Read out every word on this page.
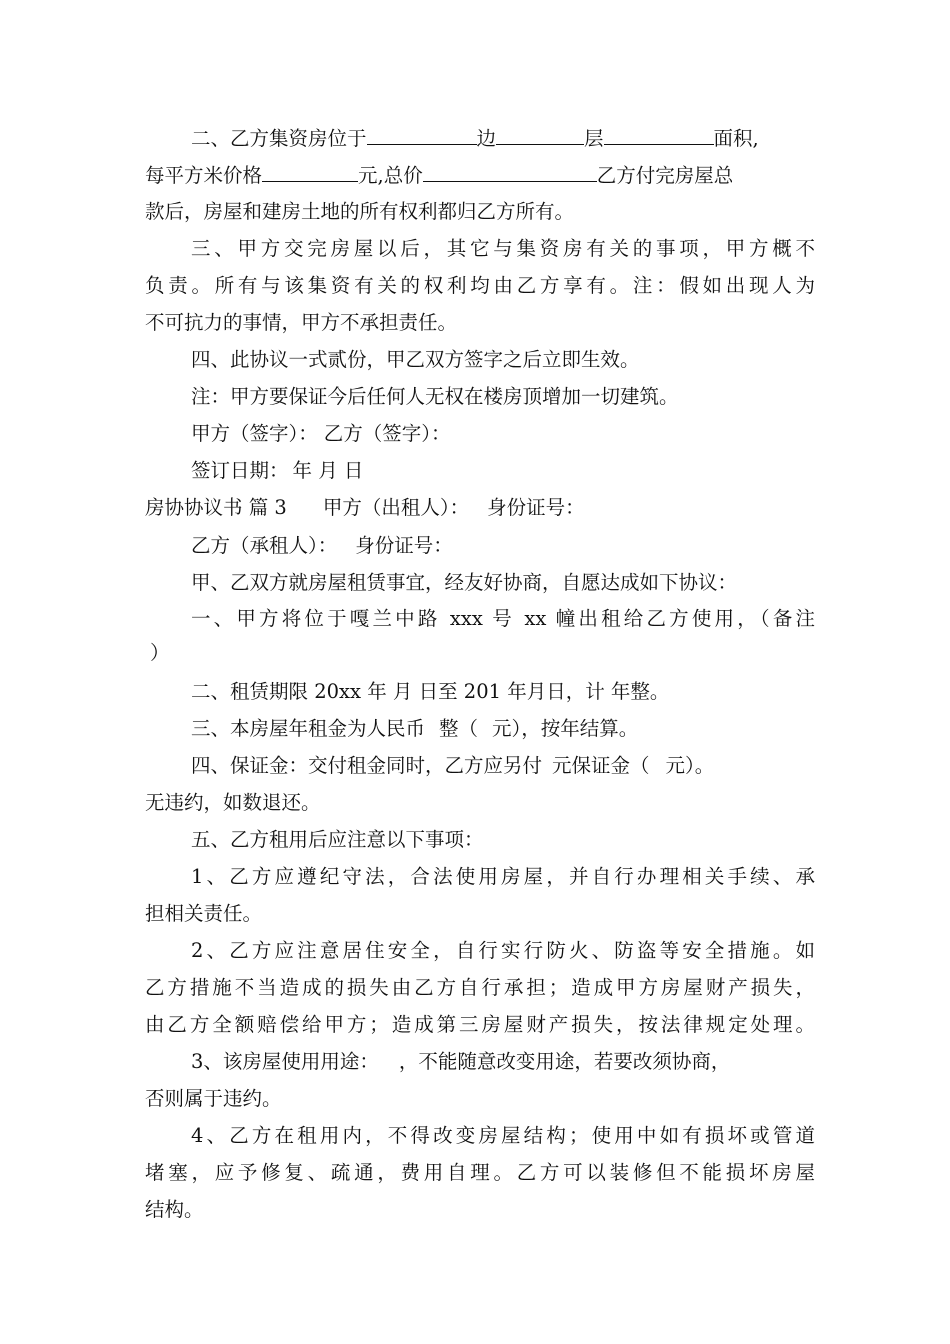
二、乙方集资房位于	边	层	面积,
每平方米价格	元,总价	乙方付完房屋总
款后，房屋和建房土地的所有权利都归乙方所有。
三、甲方交完房屋以后，其它与集资房有关的事项，甲方概不
负责。所有与该集资有关的权利均由乙方享有。注：假如出现人为
不可抗力的事情，甲方不承担责任。
四、此协议一式贰份，甲乙双方签字之后立即生效。
注：甲方要保证今后任何人无权在楼房顶增加一切建筑。
甲方（签字）： 乙方（签字）：
签订日期： 年 月 日
房协协议书 篇 3 甲方（出租人）： 身份证号：
乙方（承租人）： 身份证号：
甲、乙双方就房屋租赁事宜，经友好协商，自愿达成如下协议：
一、甲方将位于嘎兰中路 xxx 号 xx 幢出租给乙方使用，（备注
）
二、租赁期限 20xx 年 月 日至 201 年月日，计 年整。
三、本房屋年租金为人民币 整（ 元），按年结算。
四、保证金：交付租金同时，乙方应另付 元保证金（ 元）。
无违约，如数退还。
五、乙方租用后应注意以下事项：
1、乙方应遵纪守法，合法使用房屋，并自行办理相关手续、承
担相关责任。
2、乙方应注意居住安全，自行实行防火、防盗等安全措施。如
乙方措施不当造成的损失由乙方自行承担；造成甲方房屋财产损失，
由乙方全额赔偿给甲方；造成第三房屋财产损失，按法律规定处理。
3、该房屋使用用途： ，不能随意改变用途，若要改须协商，
否则属于违约。
4、乙方在租用内，不得改变房屋结构；使用中如有损坏或管道
堵塞，应予修复、疏通，费用自理。乙方可以装修但不能损坏房屋
结构。
